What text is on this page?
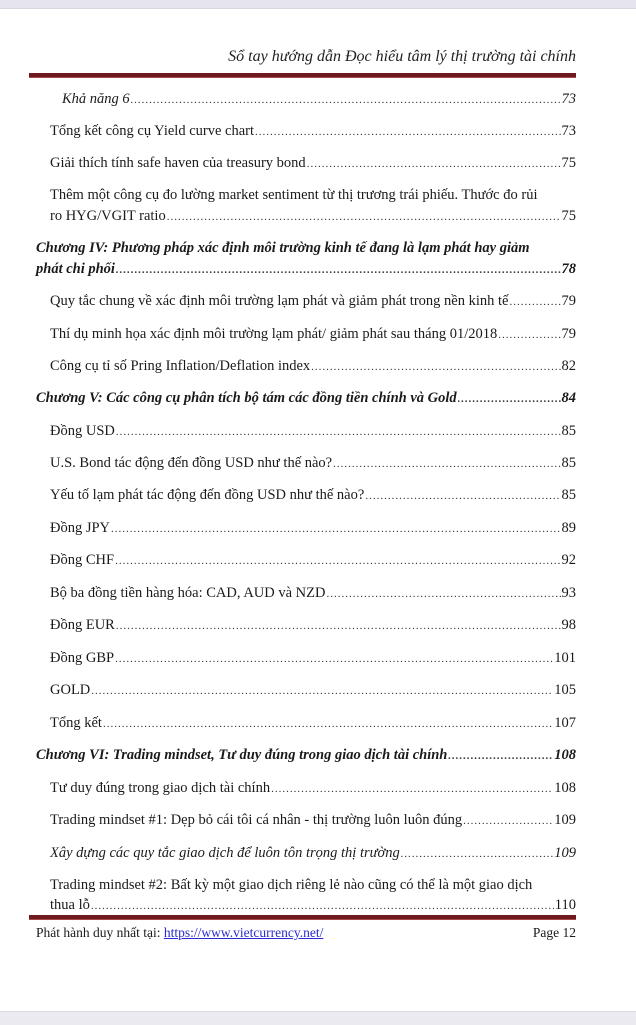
Sổ tay hướng dẫn Đọc hiểu tâm lý thị trường tài chính
Khả năng 6 .....	73
Tổng kết công cụ Yield curve chart .....	73
Giải thích tính safe haven của treasury bond .....	75
Thêm một công cụ đo lường market sentiment từ thị trương trái phiếu. Thước đo rủi
ro HYG/VGIT ratio .....	75
Chương IV: Phương pháp xác định môi trường kinh tế đang là lạm phát hay giảm
phát chi phối .....	78
Quy tắc chung về xác định môi trường lạm phát và giảm phát trong nền kinh tế .....	79
Thí dụ minh họa xác định môi trường lạm phát/ giảm phát sau tháng 01/2018 .....	79
Công cụ tỉ số Pring Inflation/Deflation index .....	82
Chương V: Các công cụ phân tích bộ tám các đồng tiền chính và Gold .....	84
Đồng USD .....	85
U.S. Bond tác động đến đồng USD như thế nào? .....	85
Yếu tố lạm phát tác động đến đồng USD như thế nào? .....	85
Đồng JPY .....	89
Đồng CHF .....	92
Bộ ba đồng tiền hàng hóa: CAD, AUD và NZD .....	93
Đồng EUR .....	98
Đồng GBP .....	101
GOLD .....	105
Tổng kết .....	107
Chương VI: Trading mindset, Tư duy đúng trong giao dịch tài chính .....	108
Tư duy đúng trong giao dịch tài chính .....	108
Trading mindset #1: Dẹp bỏ cái tôi cá nhân - thị trường luôn luôn đúng .....	109
Xây dựng các quy tắc giao dịch để luôn tôn trọng thị trường .....	109
Trading mindset #2: Bất kỳ một giao dịch riêng lẻ nào cũng có thể là một giao dịch
thua lỗ .....	110
Phát hành duy nhất tại: https://www.vietcurrency.net/	Page 12
